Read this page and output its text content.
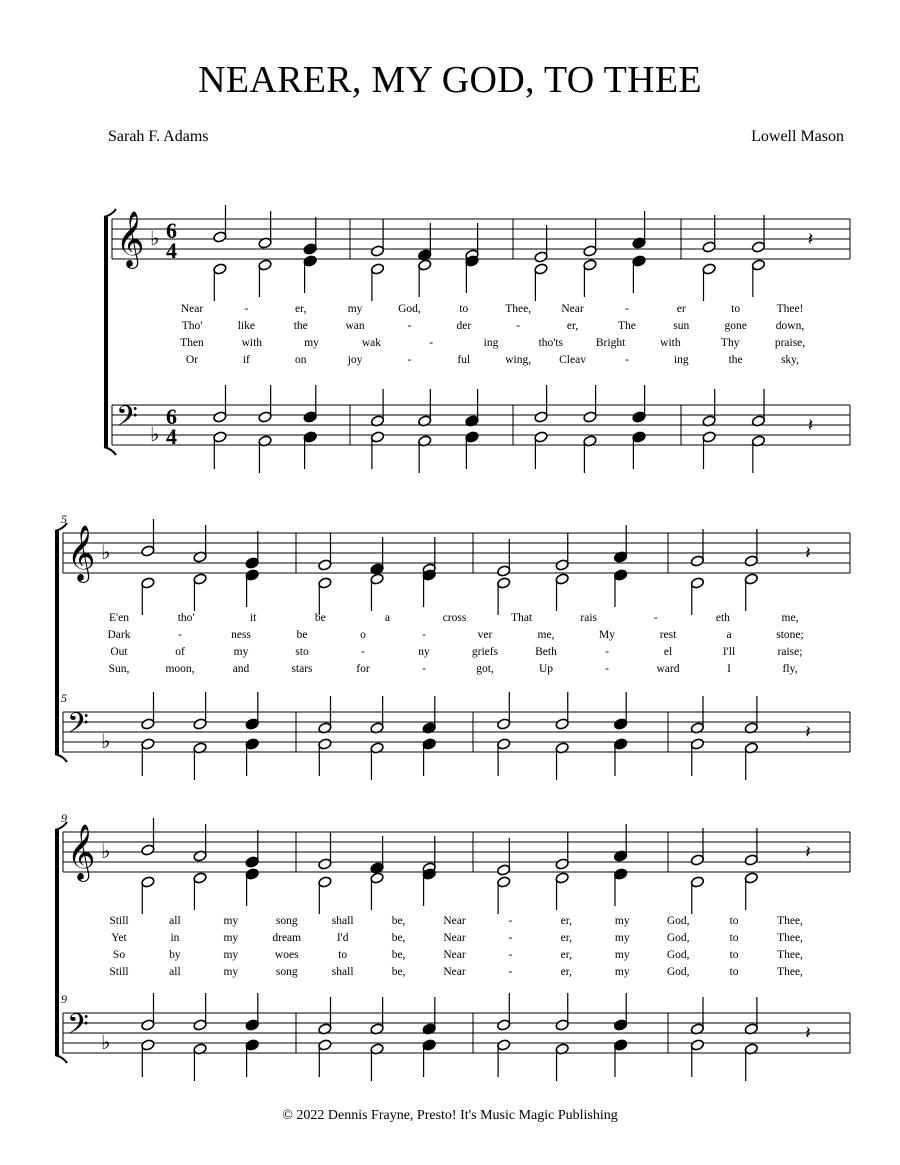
NEARER, MY GOD, TO THEE
Sarah F. Adams	Lowell Mason
𝄞
𝄢
♭
♭
6
4
6
4
𝄽
𝄽
Near	-	er,	my	God,	to	Thee,	Near	-	er	to	Thee!
Tho'	like	the	wan	-	der	-	er,	The	sun	gone	down,
Then	with	my	wak	-	ing	tho'ts	Bright	with	Thy	praise,
Or	if	on	joy	-	ful	wing, Cleav	-	ing	the	sky,
𝄞
𝄢
♭
♭
5
5
𝄽
𝄽
E'en	tho'	it	be	a	cross	That	rais	-	eth	me,
Dark	-	ness	be	o	-	ver	me,	My	rest	a	stone;
Out	of	my	sto	-	ny	griefs	Beth	-	el	I'll	raise;
Sun,	moon,	and	stars	for	-	got,	Up	-	ward	I	fly,
𝄞
𝄢
♭
♭
9
9
𝄽
𝄽
Still	all	my	song	shall	be,	Near	-	er,	my	God,	to	Thee,
Yet	in	my	dream	I'd	be,	Near	-	er,	my	God,	to	Thee,
So	by	my	woes	to	be,	Near	-	er,	my	God,	to	Thee,
Still	all	my	song	shall	be,	Near	-	er,	my	God,	to	Thee,
© 2022 Dennis Frayne, Presto! It's Music Magic Publishing
